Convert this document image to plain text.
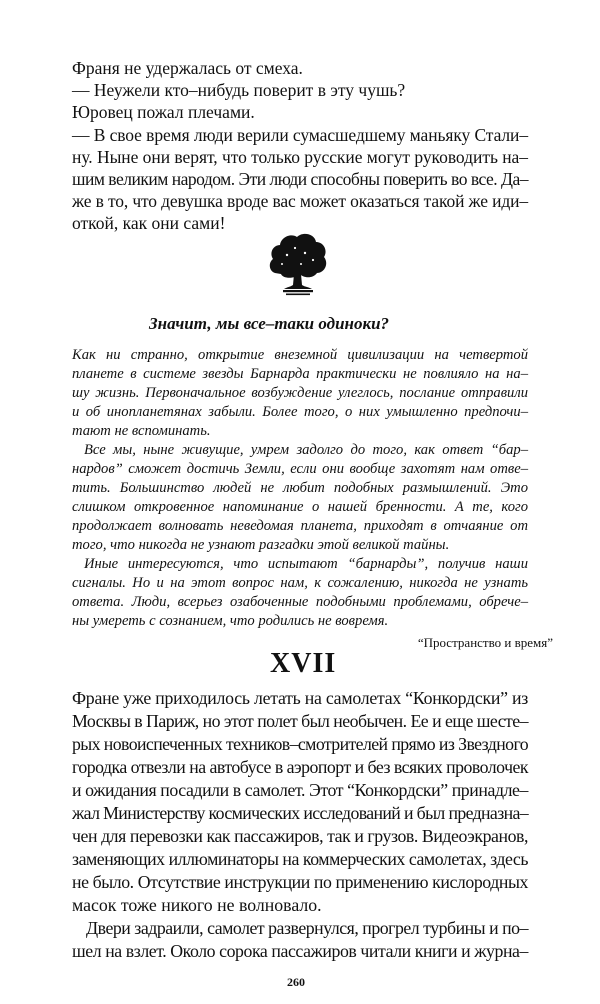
Франя не удержалась от смеха.
— Неужели кто–нибудь поверит в эту чушь?
Юровец пожал плечами.
— В свое время люди верили сумасшедшему маньяку Стали–
ну. Ныне они верят, что только русские могут руководить на–
шим великим народом. Эти люди способны поверить во все. Да–
же в то, что девушка вроде вас может оказаться такой же иди–
откой, как они сами!
Значит, мы все–таки одиноки?
Как ни странно, открытие внеземной цивилизации на четвертой
планете в системе звезды Барнарда практически не повлияло на на–
шу жизнь. Первоначальное возбуждение улеглось, послание отправили
и об инопланетянах забыли. Более того, о них умышленно предпочи–
тают не вспоминать.
Все мы, ныне живущие, умрем задолго до того, как ответ “бар–
нардов” сможет достичь Земли, если они вообще захотят нам отве–
тить. Большинство людей не любит подобных размышлений. Это
слишком откровенное напоминание о нашей бренности. А те, кого
продолжает волновать неведомая планета, приходят в отчаяние от
того, что никогда не узнают разгадки этой великой тайны.
Иные интересуются, что испытают “барнарды”, получив наши
сигналы. Но и на этот вопрос нам, к сожалению, никогда не узнать
ответа. Люди, всерьез озабоченные подобными проблемами, обрече–
ны умереть с сознанием, что родились не вовремя.
“Пространство и время”
XVII
Фране уже приходилось летать на самолетах “Конкордски” из
Москвы в Париж, но этот полет был необычен. Ее и еще шесте–
рых новоиспеченных техников–смотрителей прямо из Звездного
городка отвезли на автобусе в аэропорт и без всяких проволочек
и ожидания посадили в самолет. Этот “Конкордски” принадле–
жал Министерству космических исследований и был предназна–
чен для перевозки как пассажиров, так и грузов. Видеоэкранов,
заменяющих иллюминаторы на коммерческих самолетах, здесь
не было. Отсутствие инструкции по применению кислородных
масок тоже никого не волновало.
Двери задраили, самолет развернулся, прогрел турбины и по–
шел на взлет. Около сорока пассажиров читали книги и журна–
260
